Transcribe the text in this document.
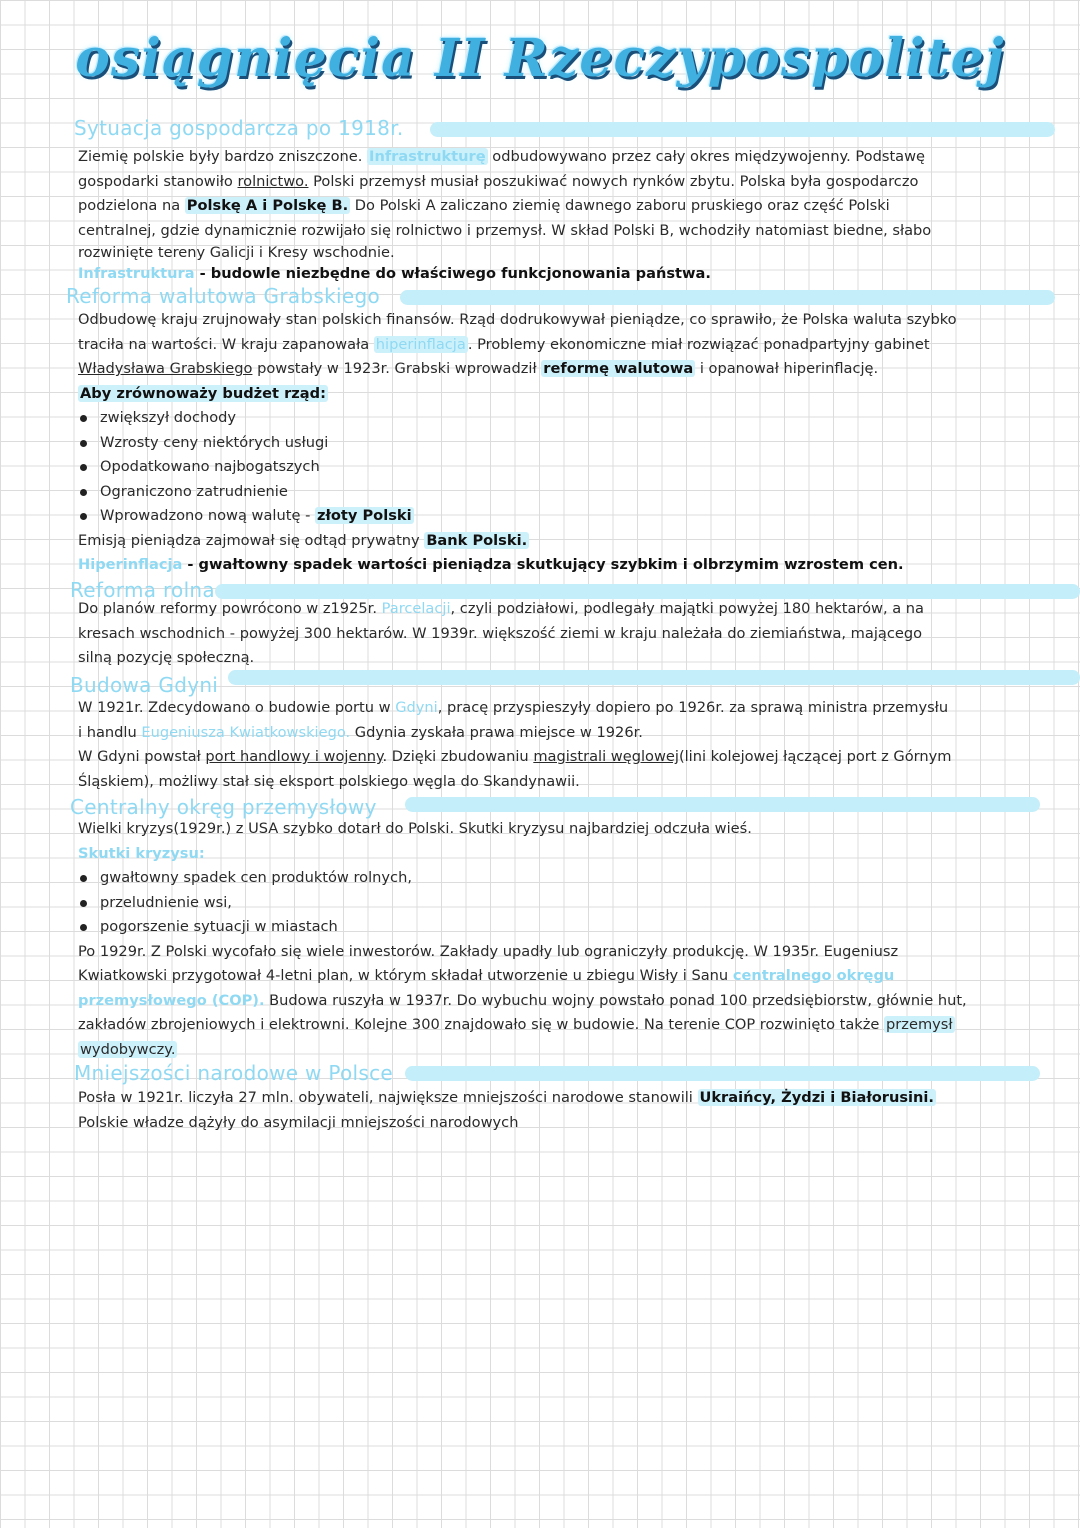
osiągnięcia II Rzeczypospolitej
Sytuacja gospodarcza po 1918r.
Ziemię polskie były bardzo zniszczone. Infrastrukturę odbudowywano przez cały okres międzywojenny. Podstawę
gospodarki stanowiło rolnictwo. Polski przemysł musiał poszukiwać nowych rynków zbytu. Polska była gospodarczo
podzielona na Polskę A i Polskę B. Do Polski A zaliczano ziemię dawnego zaboru pruskiego oraz część Polski
centralnej, gdzie dynamicznie rozwijało się rolnictwo i przemysł. W skład Polski B, wchodziły natomiast biedne, słabo
rozwinięte tereny Galicji i Kresy wschodnie.
Infrastruktura - budowle niezbędne do właściwego funkcjonowania państwa.
Reforma walutowa Grabskiego
Odbudowę kraju zrujnowały stan polskich finansów. Rząd dodrukowywał pieniądze, co sprawiło, że Polska waluta szybko
traciła na wartości. W kraju zapanowała hiperinflacja . Problemy ekonomiczne miał rozwiązać ponadpartyjny gabinet
Władysława Grabskiego powstały w 1923r. Grabski wprowadził reformę walutowa i opanował hiperinflację.
Aby zrównoważy budżet rząd:
zwiększył dochody
Wzrosty ceny niektórych usługi
Opodatkowano najbogatszych
Ograniczono zatrudnienie
Wprowadzono nową walutę - złoty Polski
Emisją pieniądza zajmował się odtąd prywatny Bank Polski.
Hiperinflacja - gwałtowny spadek wartości pieniądza skutkujący szybkim i olbrzymim wzrostem cen.
Reforma rolna
Do planów reformy powrócono w z1925r. Parcelacji, czyli podziałowi, podlegały majątki powyżej 180 hektarów, a na
kresach wschodnich - powyżej 300 hektarów. W 1939r. większość ziemi w kraju należała do ziemiaństwa, mającego
silną pozycję społeczną.
Budowa Gdyni
W 1921r. Zdecydowano o budowie portu w Gdyni, pracę przyspieszyły dopiero po 1926r. za sprawą ministra przemysłu
i handlu Eugeniusza Kwiatkowskiego. Gdynia zyskała prawa miejsce w 1926r.
W Gdyni powstał port handlowy i wojenny. Dzięki zbudowaniu magistrali węglowej(lini kolejowej łączącej port z Górnym
Śląskiem), możliwy stał się eksport polskiego węgla do Skandynawii.
Centralny okręg przemysłowy
Wielki kryzys(1929r.) z USA szybko dotarł do Polski. Skutki kryzysu najbardziej odczuła wieś.
Skutki kryzysu:
gwałtowny spadek cen produktów rolnych,
przeludnienie wsi,
pogorszenie sytuacji w miastach
Po 1929r. Z Polski wycofało się wiele inwestorów. Zakłady upadły lub ograniczyły produkcję. W 1935r. Eugeniusz
Kwiatkowski przygotował 4-letni plan, w którym składał utworzenie u zbiegu Wisły i Sanu centralnego okręgu
przemysłowego (COP). Budowa ruszyła w 1937r. Do wybuchu wojny powstało ponad 100 przedsiębiorstw, głównie hut,
zakładów zbrojeniowych i elektrowni. Kolejne 300 znajdowało się w budowie. Na terenie COP rozwinięto także przemysł
wydobywczy.
Mniejszości narodowe w Polsce
Posła w 1921r. liczyła 27 mln. obywateli, największe mniejszości narodowe stanowili Ukraińcy, Żydzi i Białorusini.
Polskie władze dążyły do asymilacji mniejszości narodowych
